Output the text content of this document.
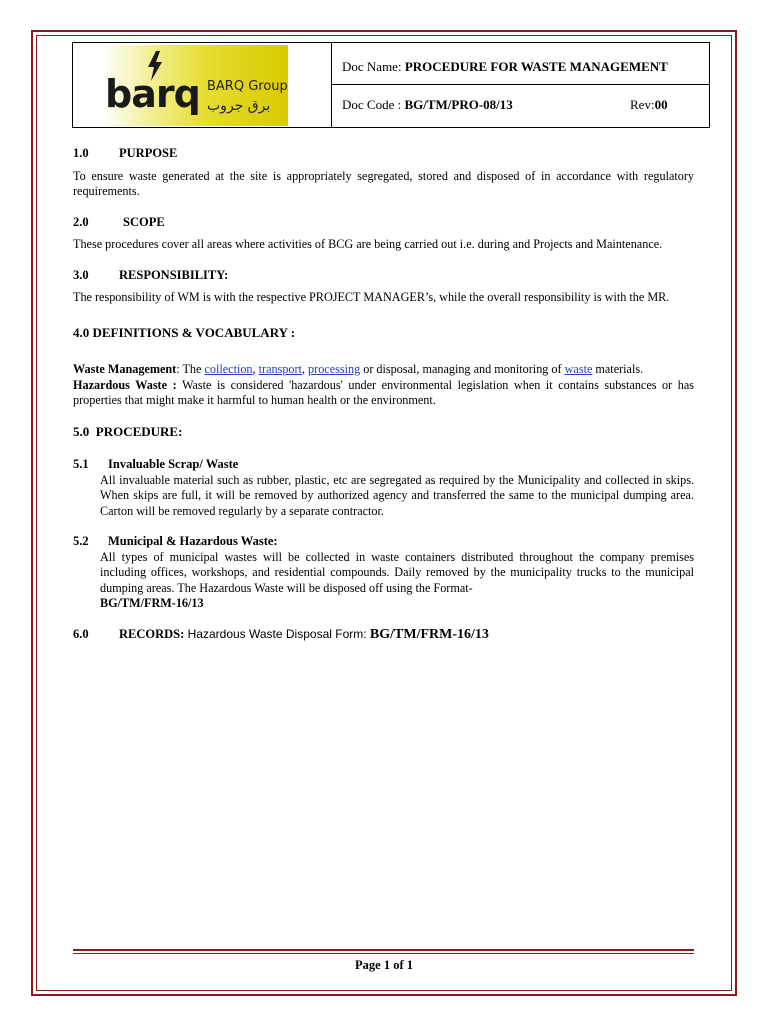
barq BARQ Group
برق جروب
Doc Name: PROCEDURE FOR WASTE MANAGEMENT
Doc Code : BG/TM/PRO-08/13	Rev:00

1.0 PURPOSE

To ensure waste generated at the site is appropriately segregated, stored and disposed of in accordance with regulatory requirements.

2.0	SCOPE

These procedures cover all areas where activities of BCG are being carried out i.e. during and Projects and Maintenance.

3.0 RESPONSIBILITY:

The responsibility of WM is with the respective PROJECT MANAGER’s, while the overall responsibility is with the MR.

4.0 DEFINITIONS & VOCABULARY :

Waste Management: The collection, transport, processing or disposal, managing and monitoring of waste materials.

Hazardous Waste : Waste is considered 'hazardous' under environmental legislation when it contains substances or has properties that might make it harmful to human health or the environment.

5.0 PROCEDURE:

5.1 Invaluable Scrap/ Waste

All invaluable material such as rubber, plastic, etc are segregated as required by the Municipality and collected in skips. When skips are full, it will be removed by authorized agency and transferred the same to the municipal dumping area. Carton will be removed regularly by a separate contractor.

5.2 Municipal & Hazardous Waste:

All types of municipal wastes will be collected in waste containers distributed throughout the company premises including offices, workshops, and residential compounds. Daily removed by the municipality trucks to the municipal dumping areas. The Hazardous Waste will be disposed off using the Format-
BG/TM/FRM-16/13

6.0 RECORDS: Hazardous Waste Disposal Form: BG/TM/FRM-16/13

Page 1 of 1
